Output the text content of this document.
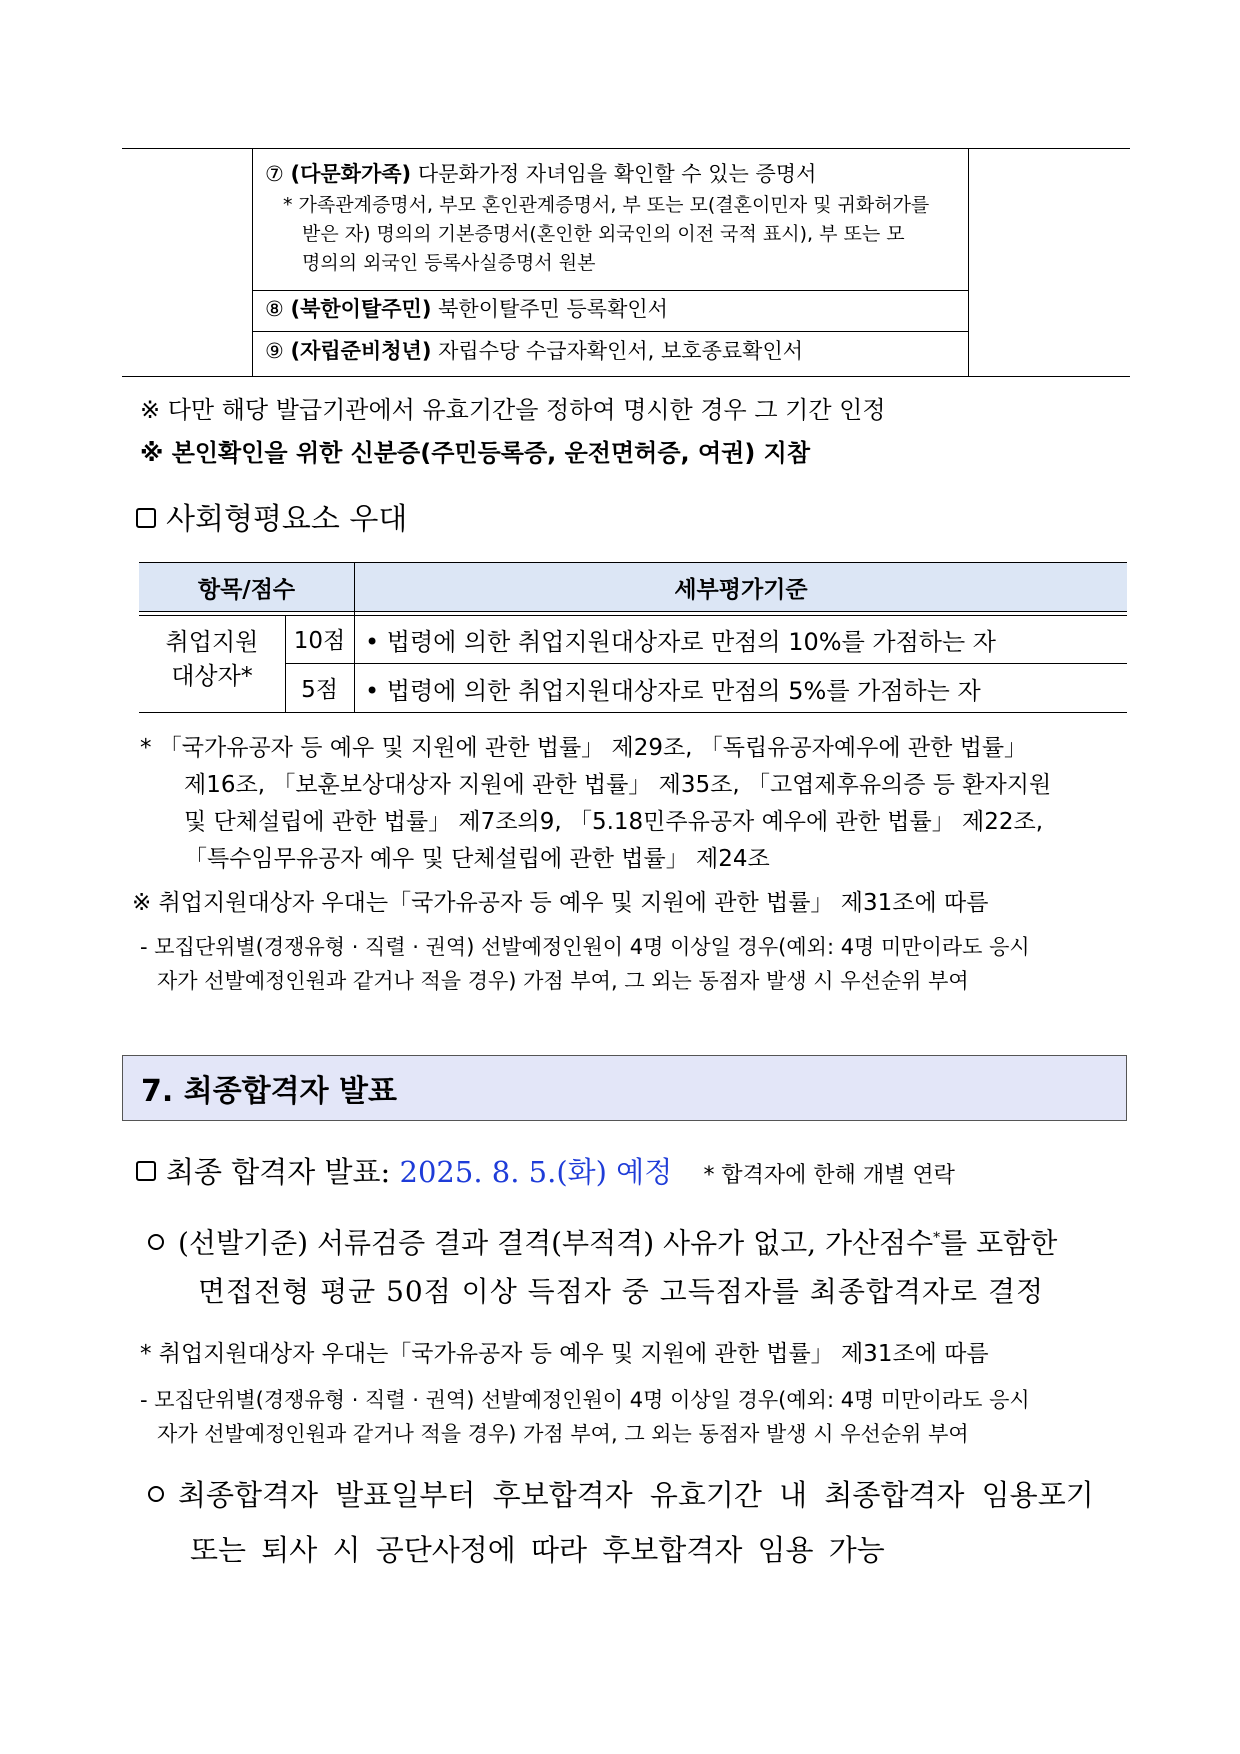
⑦ (다문화가족) 다문화가정 자녀임을 확인할 수 있는 증명서
* 가족관계증명서, 부모 혼인관계증명서, 부 또는 모(결혼이민자 및 귀화허가를
받은 자) 명의의 기본증명서(혼인한 외국인의 이전 국적 표시), 부 또는 모
명의의 외국인 등록사실증명서 원본
⑧ (북한이탈주민) 북한이탈주민 등록확인서
⑨ (자립준비청년) 자립수당 수급자확인서, 보호종료확인서
※ 다만 해당 발급기관에서 유효기간을 정하여 명시한 경우 그 기간 인정
※ 본인확인을 위한 신분증(주민등록증, 운전면허증, 여권) 지참
사회형평요소 우대
항목/점수	세부평가기준
취업지원
대상자*
10점 • 법령에 의한 취업지원대상자로 만점의 10%를 가점하는 자
5점	• 법령에 의한 취업지원대상자로 만점의 5%를 가점하는 자
* 「국가유공자 등 예우 및 지원에 관한 법률」 제29조, 「독립유공자예우에 관한 법률」
제16조, 「보훈보상대상자 지원에 관한 법률」 제35조, 「고엽제후유의증 등 환자지원
및 단체설립에 관한 법률」 제7조의9, 「5.18민주유공자 예우에 관한 법률」 제22조,
「특수임무유공자 예우 및 단체설립에 관한 법률」 제24조
※ 취업지원대상자 우대는「국가유공자 등 예우 및 지원에 관한 법률」 제31조에 따름
- 모집단위별(경쟁유형 · 직렬 · 권역) 선발예정인원이 4명 이상일 경우(예외: 4명 미만이라도 응시
자가 선발예정인원과 같거나 적을 경우) 가점 부여, 그 외는 동점자 발생 시 우선순위 부여
7. 최종합격자 발표
최종 합격자 발표: 2025. 8. 5.(화) 예정 * 합격자에 한해 개별 연락
(선발기준) 서류검증 결과 결격(부적격) 사유가 없고, 가산점수*를 포함한
면접전형 평균 50점 이상 득점자 중 고득점자를 최종합격자로 결정
* 취업지원대상자 우대는「국가유공자 등 예우 및 지원에 관한 법률」 제31조에 따름
- 모집단위별(경쟁유형 · 직렬 · 권역) 선발예정인원이 4명 이상일 경우(예외: 4명 미만이라도 응시
자가 선발예정인원과 같거나 적을 경우) 가점 부여, 그 외는 동점자 발생 시 우선순위 부여
최종합격자 발표일부터 후보합격자 유효기간 내 최종합격자 임용포기
또는 퇴사 시 공단사정에 따라 후보합격자 임용 가능
